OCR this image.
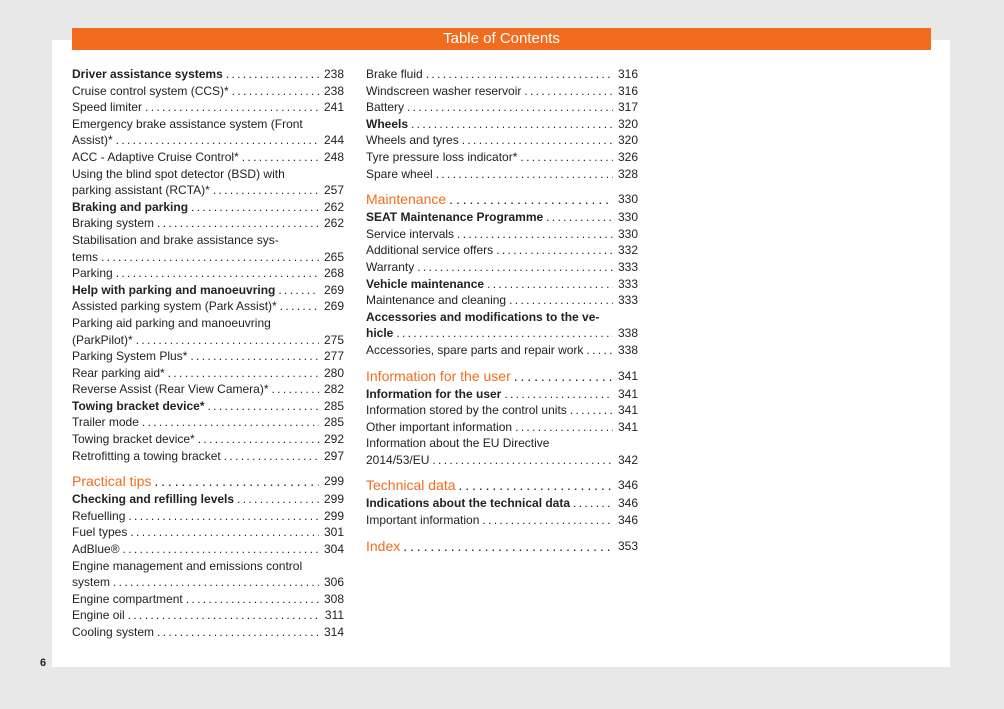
Table of Contents
Driver assistance systems . . .	238
Cruise control system (CCS)* . . .	238
Speed limiter . . .	241
Emergency brake assistance system (Front
Assist)* . . .	244
ACC - Adaptive Cruise Control* . . .	248
Using the blind spot detector (BSD) with
parking assistant (RCTA)* . . .	257
Braking and parking . . .	262
Braking system . . .	262
Stabilisation and brake assistance sys-
tems . . .	265
Parking . . .	268
Help with parking and manoeuvring . . .	269
Assisted parking system (Park Assist)* . . .	269
Parking aid parking and manoeuvring
(ParkPilot)* . . .	275
Parking System Plus* . . .	277
Rear parking aid* . . .	280
Reverse Assist (Rear View Camera)* . . .	282
Towing bracket device* . . .	285
Trailer mode . . .	285
Towing bracket device* . . .	292
Retrofitting a towing bracket . . .	297
Practical tips . . .	299
Checking and refilling levels . . .	299
Refuelling . . .	299
Fuel types . . .	301
AdBlue® . . .	304
Engine management and emissions control
system . . .	306
Engine compartment . . .	308
Engine oil . . .	311
Cooling system . . .	314
Brake fluid . . .	316
Windscreen washer reservoir . . .	316
Battery . . .	317
Wheels . . .	320
Wheels and tyres . . .	320
Tyre pressure loss indicator* . . .	326
Spare wheel . . .	328
Maintenance . . .	330
SEAT Maintenance Programme . . .	330
Service intervals . . .	330
Additional service offers . . .	332
Warranty . . .	333
Vehicle maintenance . . .	333
Maintenance and cleaning . . .	333
Accessories and modifications to the ve-
hicle . . .	338
Accessories, spare parts and repair work . . .	338
Information for the user . . .	341
Information for the user . . .	341
Information stored by the control units . . .	341
Other important information . . .	341
Information about the EU Directive
2014/53/EU . . .	342
Technical data . . .	346
Indications about the technical data . . .	346
Important information . . .	346
Index . . .	353
6
